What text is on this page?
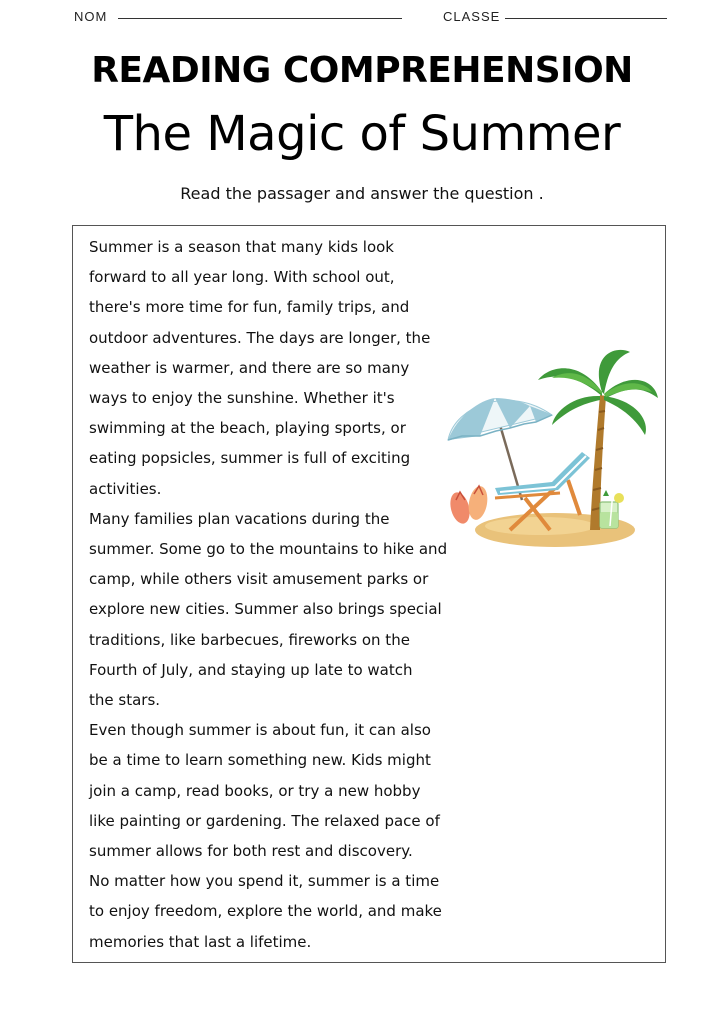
NOM	CLASSE
READING COMPREHENSION
The Magic of Summer
Read the passager and answer the question .
Summer is a season that many kids look
forward to all year long. With school out,
there's more time for fun, family trips, and
outdoor adventures. The days are longer, the
weather is warmer, and there are so many
ways to enjoy the sunshine. Whether it's
swimming at the beach, playing sports, or
eating popsicles, summer is full of exciting
activities.
Many families plan vacations during the
summer. Some go to the mountains to hike and
camp, while others visit amusement parks or
explore new cities. Summer also brings special
traditions, like barbecues, fireworks on the
Fourth of July, and staying up late to watch
the stars.
Even though summer is about fun, it can also
be a time to learn something new. Kids might
join a camp, read books, or try a new hobby
like painting or gardening. The relaxed pace of
summer allows for both rest and discovery.
No matter how you spend it, summer is a time
to enjoy freedom, explore the world, and make
memories that last a lifetime.
